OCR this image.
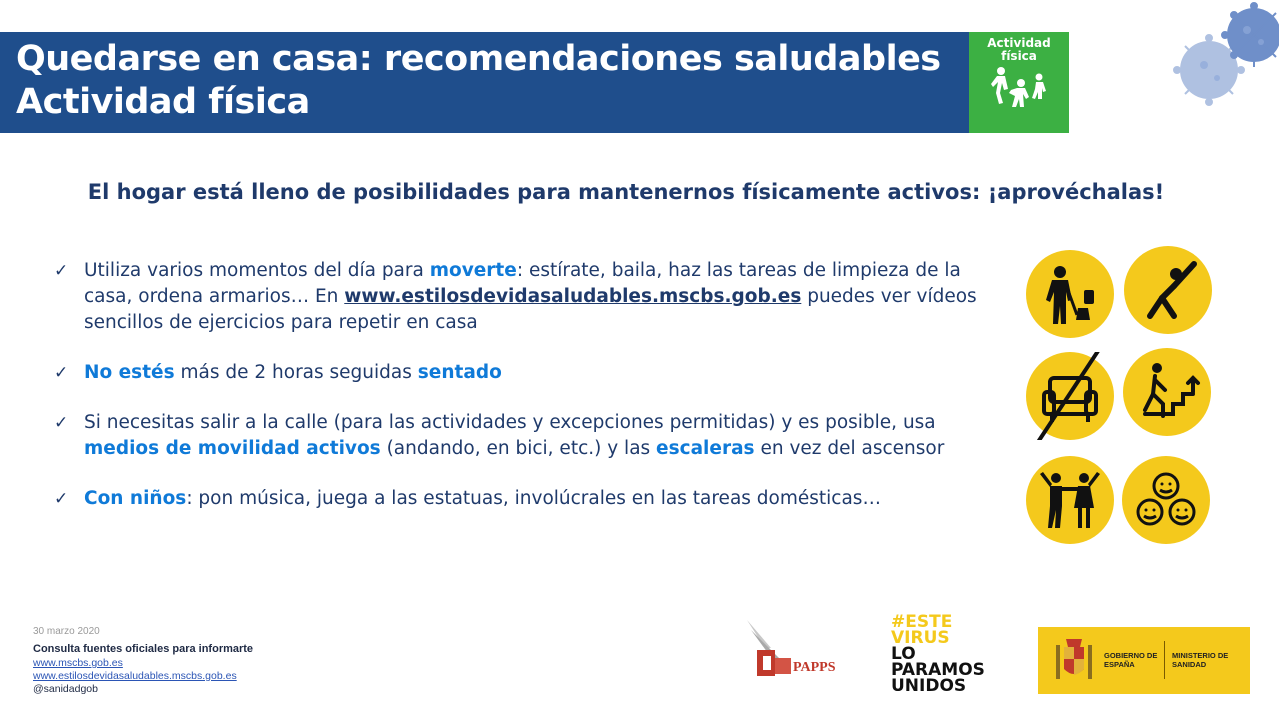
Quedarse en casa: recomendaciones saludables
Actividad física
Actividad física
El hogar está lleno de posibilidades para mantenernos físicamente activos: ¡aprovéchalas!
✓ Utiliza varios momentos del día para moverte: estírate, baila, haz las tareas de limpieza de la casa, ordena armarios… En www.estilosdevidasaludables.mscbs.gob.es puedes ver vídeos sencillos de ejercicios para repetir en casa
✓ No estés más de 2 horas seguidas sentado
✓ Si necesitas salir a la calle (para las actividades y excepciones permitidas) y es posible, usa medios de movilidad activos (andando, en bici, etc.) y las escaleras en vez del ascensor
✓ Con niños: pon música, juega a las estatuas, involúcrales en las tareas domésticas…
30 marzo 2020
Consulta fuentes oficiales para informarte
www.mscbs.gob.es
www.estilosdevidasaludables.mscbs.gob.es
@sanidadgob
PAPPS
#ESTE
VIRUS
LO
PARAMOS
UNIDOS
GOBIERNO DE ESPAÑA
MINISTERIO DE SANIDAD
